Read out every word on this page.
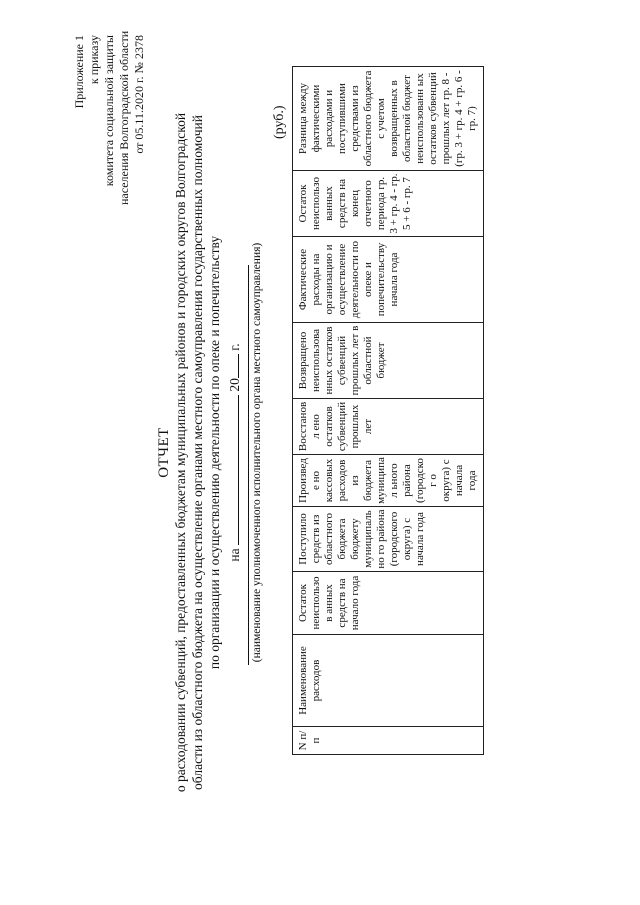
Приложение 1 к приказу комитета социальной защиты населения Волгоградской области от 05.11.2020 г. № 2378
ОТЧЕТ о расходовании субвенций, предоставленных бюджетам муниципальных районов и городских округов Волгоградской области из областного бюджета на осуществление органами местного самоуправления государственных полномочий по организации и осуществлению деятельности по опеке и попечительству на  20 г. (наименование уполномоченного исполнительного органа местного самоуправления)
(руб.)
N п/п	Наименование расходов	Остаток неиспользов анных средств на начало года	Поступило средств из областного бюджета бюджету муниципально го района (городского округа) с начала года	Произведе но кассовых расходов из бюджета муниципал ьного района (городског о округа) с начала года	Восстановл ено остатков субвенций прошлых лет	Возвращено неиспользова нных остатков субвенций прошлых лет в областной бюджет	Фактические расходы на организацию и осуществление деятельности по опеке и попечительству начала года	Остаток неиспользо ванных средств на конец отчетного периода гр. 3 + гр. 4 - гр. 5 + 6 - гр. 7	Разница между фактическими расходами и поступившими средствами из областного бюджета с учетом возвращенных в областной бюджет неиспользованн ых остатков субвенций прошлых лет гр. 8 - (гр. 3 + гр. 4 + гр. 6 - гр. 7)
